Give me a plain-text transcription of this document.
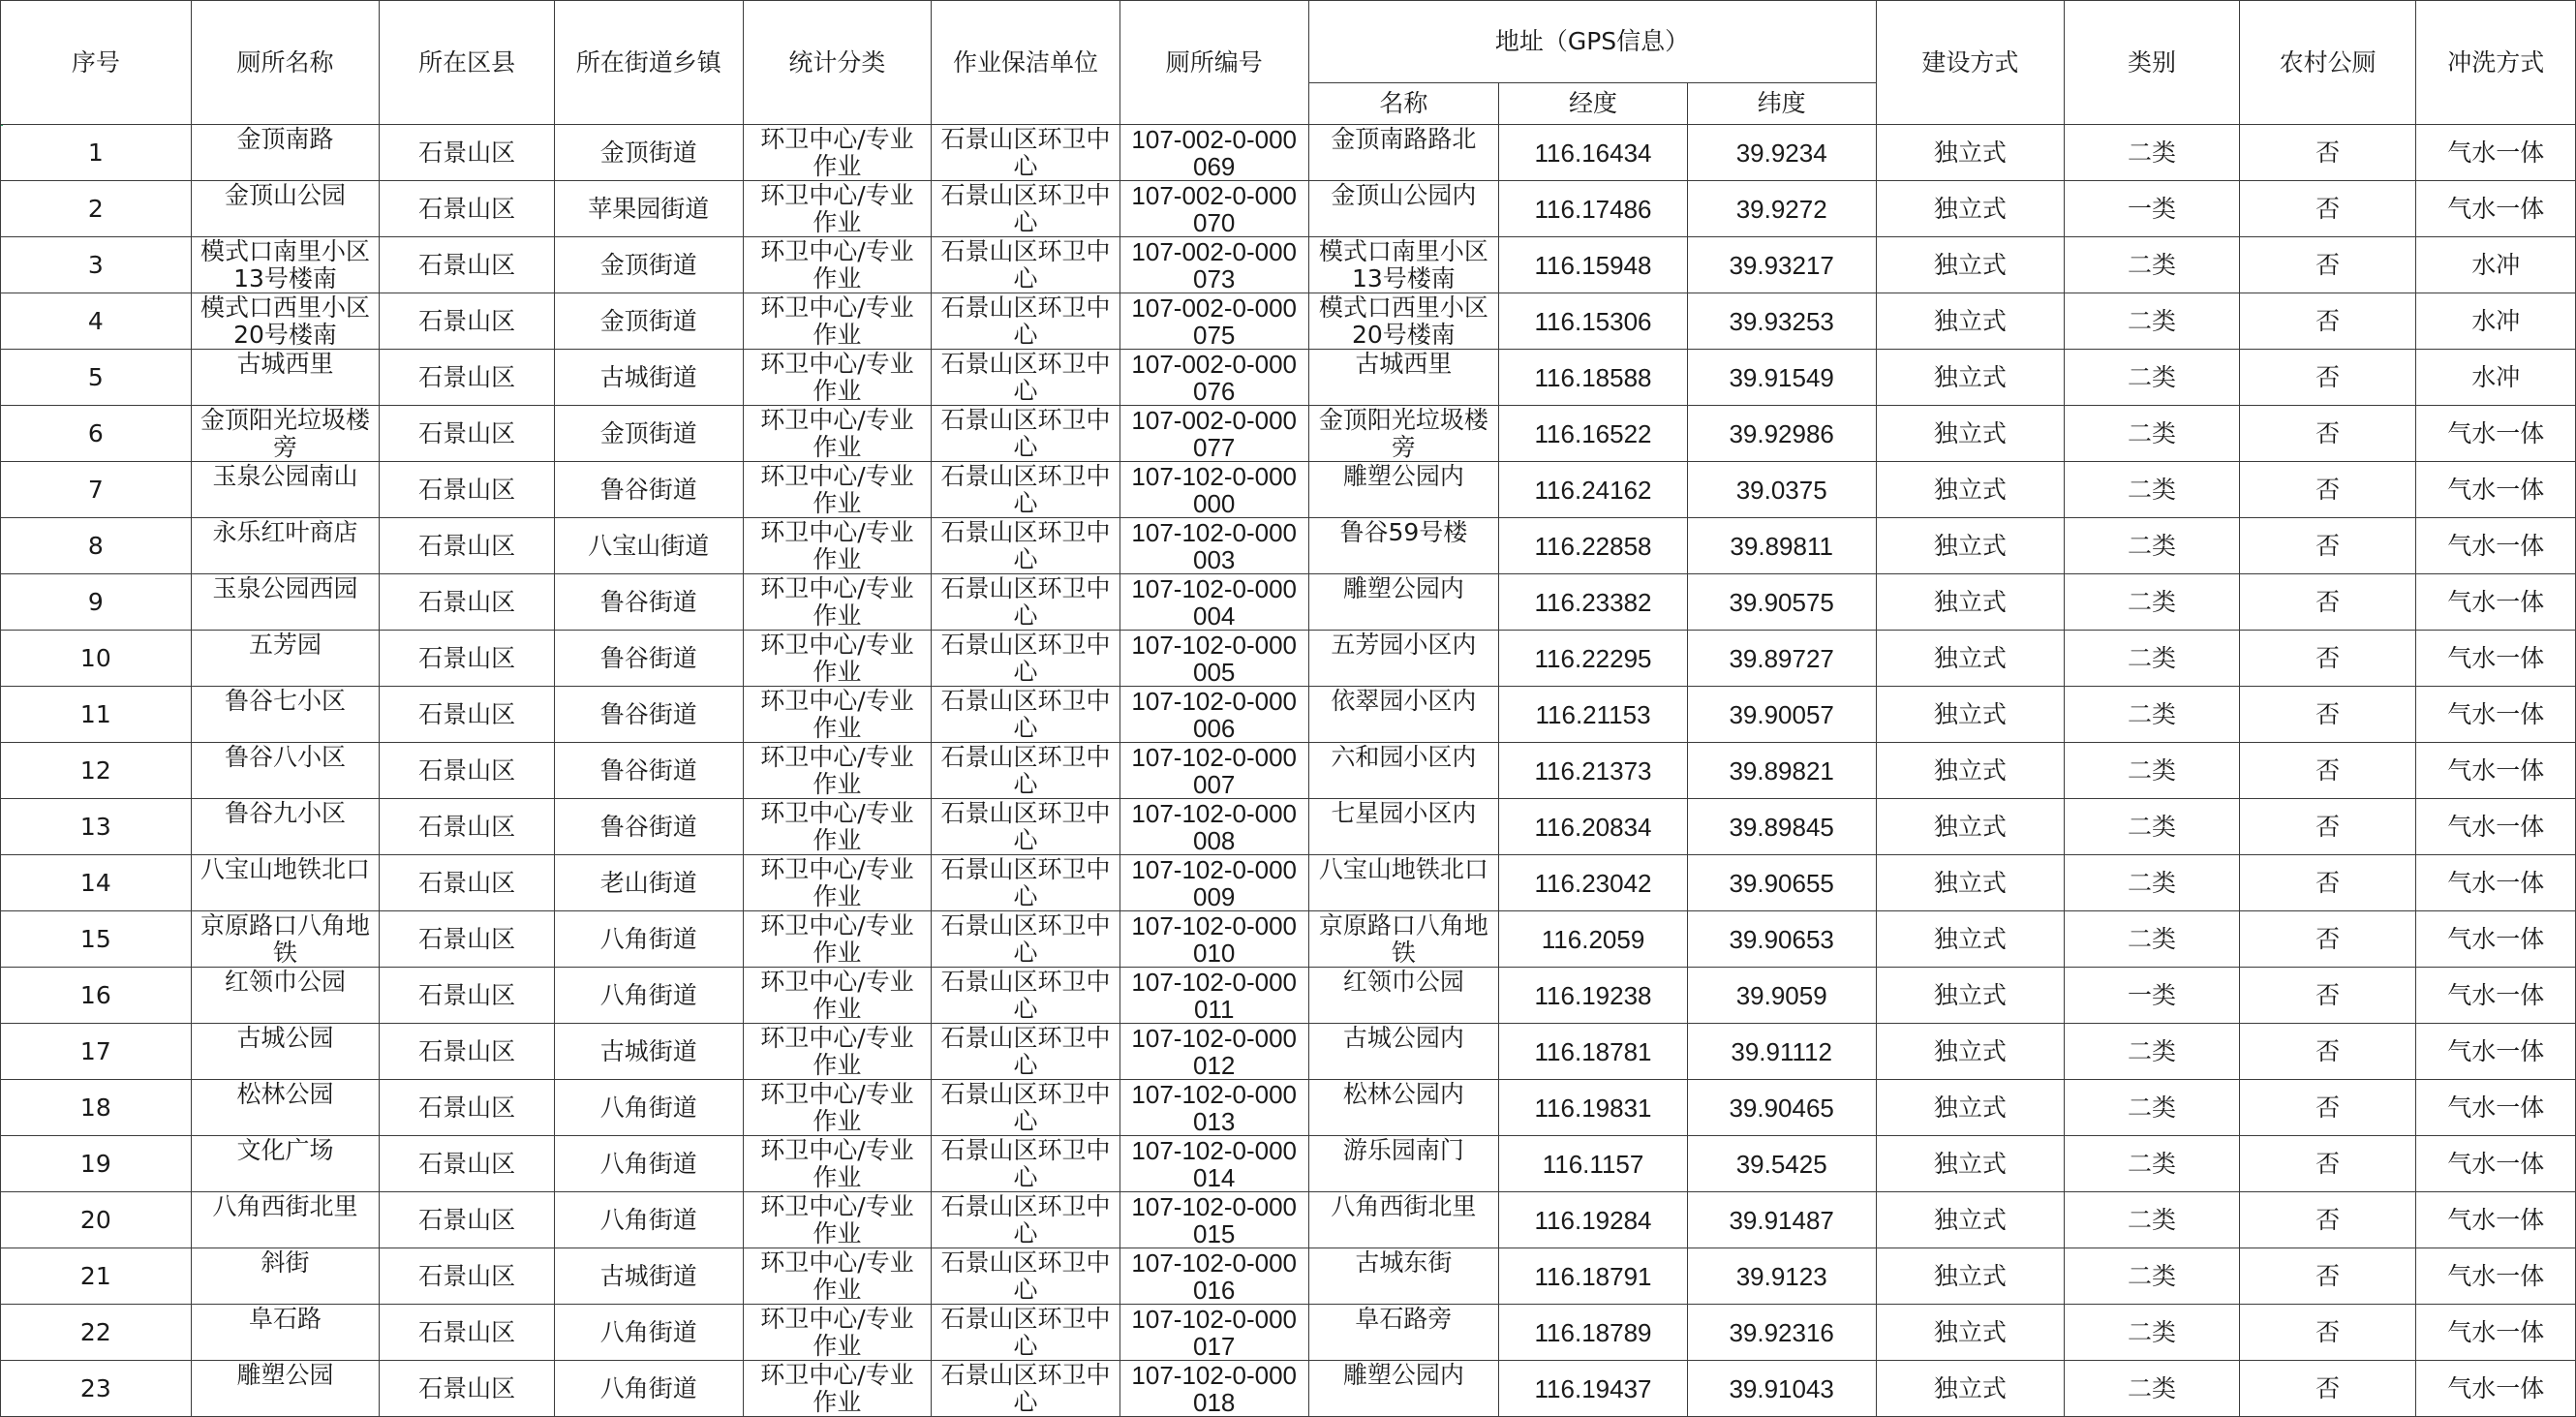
序号	厕所名称	所在区县	所在街道乡镇	统计分类	作业保洁单位	厕所编号	地址（GPS信息）			建设方式	类别	农村公厕	冲洗方式
							名称	经度	纬度				
1	金顶南路	石景山区	金顶街道	环卫中心/专业作业	石景山区环卫中心	107-002-0-000069	金顶南路路北	116.16434	39.9234	独立式	二类	否	气水一体
2	金顶山公园	石景山区	苹果园街道	环卫中心/专业作业	石景山区环卫中心	107-002-0-000070	金顶山公园内	116.17486	39.9272	独立式	一类	否	气水一体
3	模式口南里小区13号楼南	石景山区	金顶街道	环卫中心/专业作业	石景山区环卫中心	107-002-0-000073	模式口南里小区13号楼南	116.15948	39.93217	独立式	二类	否	水冲
4	模式口西里小区20号楼南	石景山区	金顶街道	环卫中心/专业作业	石景山区环卫中心	107-002-0-000075	模式口西里小区20号楼南	116.15306	39.93253	独立式	二类	否	水冲
5	古城西里	石景山区	古城街道	环卫中心/专业作业	石景山区环卫中心	107-002-0-000076	古城西里	116.18588	39.91549	独立式	二类	否	水冲
6	金顶阳光垃圾楼旁	石景山区	金顶街道	环卫中心/专业作业	石景山区环卫中心	107-002-0-000077	金顶阳光垃圾楼旁	116.16522	39.92986	独立式	二类	否	气水一体
7	玉泉公园南山	石景山区	鲁谷街道	环卫中心/专业作业	石景山区环卫中心	107-102-0-000000	雕塑公园内	116.24162	39.0375	独立式	二类	否	气水一体
8	永乐红叶商店	石景山区	八宝山街道	环卫中心/专业作业	石景山区环卫中心	107-102-0-000003	鲁谷59号楼	116.22858	39.89811	独立式	二类	否	气水一体
9	玉泉公园西园	石景山区	鲁谷街道	环卫中心/专业作业	石景山区环卫中心	107-102-0-000004	雕塑公园内	116.23382	39.90575	独立式	二类	否	气水一体
10	五芳园	石景山区	鲁谷街道	环卫中心/专业作业	石景山区环卫中心	107-102-0-000005	五芳园小区内	116.22295	39.89727	独立式	二类	否	气水一体
11	鲁谷七小区	石景山区	鲁谷街道	环卫中心/专业作业	石景山区环卫中心	107-102-0-000006	依翠园小区内	116.21153	39.90057	独立式	二类	否	气水一体
12	鲁谷八小区	石景山区	鲁谷街道	环卫中心/专业作业	石景山区环卫中心	107-102-0-000007	六和园小区内	116.21373	39.89821	独立式	二类	否	气水一体
13	鲁谷九小区	石景山区	鲁谷街道	环卫中心/专业作业	石景山区环卫中心	107-102-0-000008	七星园小区内	116.20834	39.89845	独立式	二类	否	气水一体
14	八宝山地铁北口	石景山区	老山街道	环卫中心/专业作业	石景山区环卫中心	107-102-0-000009	八宝山地铁北口	116.23042	39.90655	独立式	二类	否	气水一体
15	京原路口八角地铁	石景山区	八角街道	环卫中心/专业作业	石景山区环卫中心	107-102-0-000010	京原路口八角地铁	116.2059	39.90653	独立式	二类	否	气水一体
16	红领巾公园	石景山区	八角街道	环卫中心/专业作业	石景山区环卫中心	107-102-0-000011	红领巾公园	116.19238	39.9059	独立式	一类	否	气水一体
17	古城公园	石景山区	古城街道	环卫中心/专业作业	石景山区环卫中心	107-102-0-000012	古城公园内	116.18781	39.91112	独立式	二类	否	气水一体
18	松林公园	石景山区	八角街道	环卫中心/专业作业	石景山区环卫中心	107-102-0-000013	松林公园内	116.19831	39.90465	独立式	二类	否	气水一体
19	文化广场	石景山区	八角街道	环卫中心/专业作业	石景山区环卫中心	107-102-0-000014	游乐园南门	116.1157	39.5425	独立式	二类	否	气水一体
20	八角西街北里	石景山区	八角街道	环卫中心/专业作业	石景山区环卫中心	107-102-0-000015	八角西街北里	116.19284	39.91487	独立式	二类	否	气水一体
21	斜街	石景山区	古城街道	环卫中心/专业作业	石景山区环卫中心	107-102-0-000016	古城东街	116.18791	39.9123	独立式	二类	否	气水一体
22	阜石路	石景山区	八角街道	环卫中心/专业作业	石景山区环卫中心	107-102-0-000017	阜石路旁	116.18789	39.92316	独立式	二类	否	气水一体
23	雕塑公园	石景山区	八角街道	环卫中心/专业作业	石景山区环卫中心	107-102-0-000018	雕塑公园内	116.19437	39.91043	独立式	二类	否	气水一体
